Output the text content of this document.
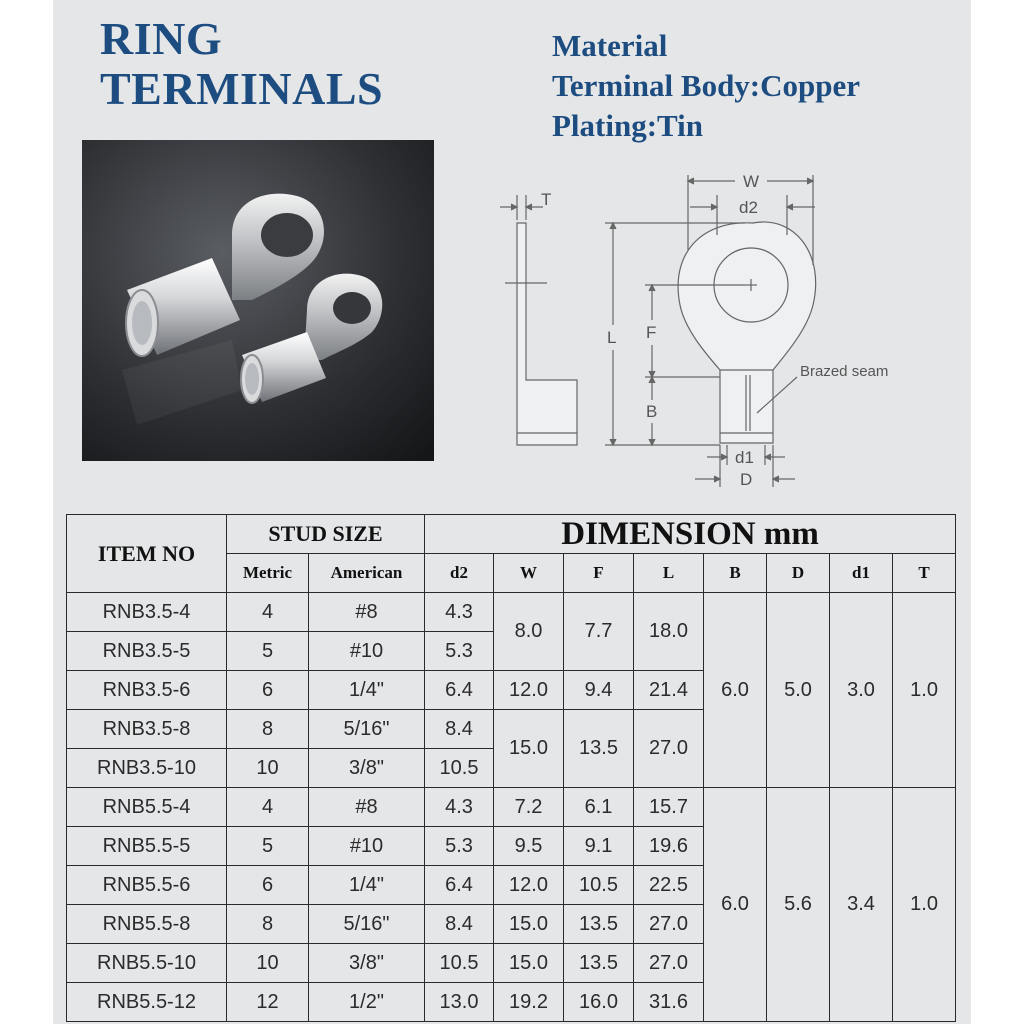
RING
TERMINALS
Material
Terminal Body:Copper
Plating:Tin
T
W
d2
L F
B
d1
D
Brazed seam
ITEM NO	STUD SIZE		DIMENSION mm							
	Metric	American	d2	W	F	L	B	D	d1	T
RNB3.5-4	4	#8	4.3	8.0	7.7	18.0	6.0	5.0	3.0	1.0
RNB3.5-5	5	#10	5.3							
RNB3.5-6	6	1/4"	6.4	12.0	9.4	21.4				
RNB3.5-8	8	5/16"	8.4	15.0	13.5	27.0				
RNB3.5-10	10	3/8"	10.5							
RNB5.5-4	4	#8	4.3	7.2	6.1	15.7	6.0	5.6	3.4	1.0
RNB5.5-5	5	#10	5.3	9.5	9.1	19.6				
RNB5.5-6	6	1/4"	6.4	12.0	10.5	22.5				
RNB5.5-8	8	5/16"	8.4	15.0	13.5	27.0				
RNB5.5-10	10	3/8"	10.5	15.0	13.5	27.0				
RNB5.5-12	12	1/2"	13.0	19.2	16.0	31.6				
